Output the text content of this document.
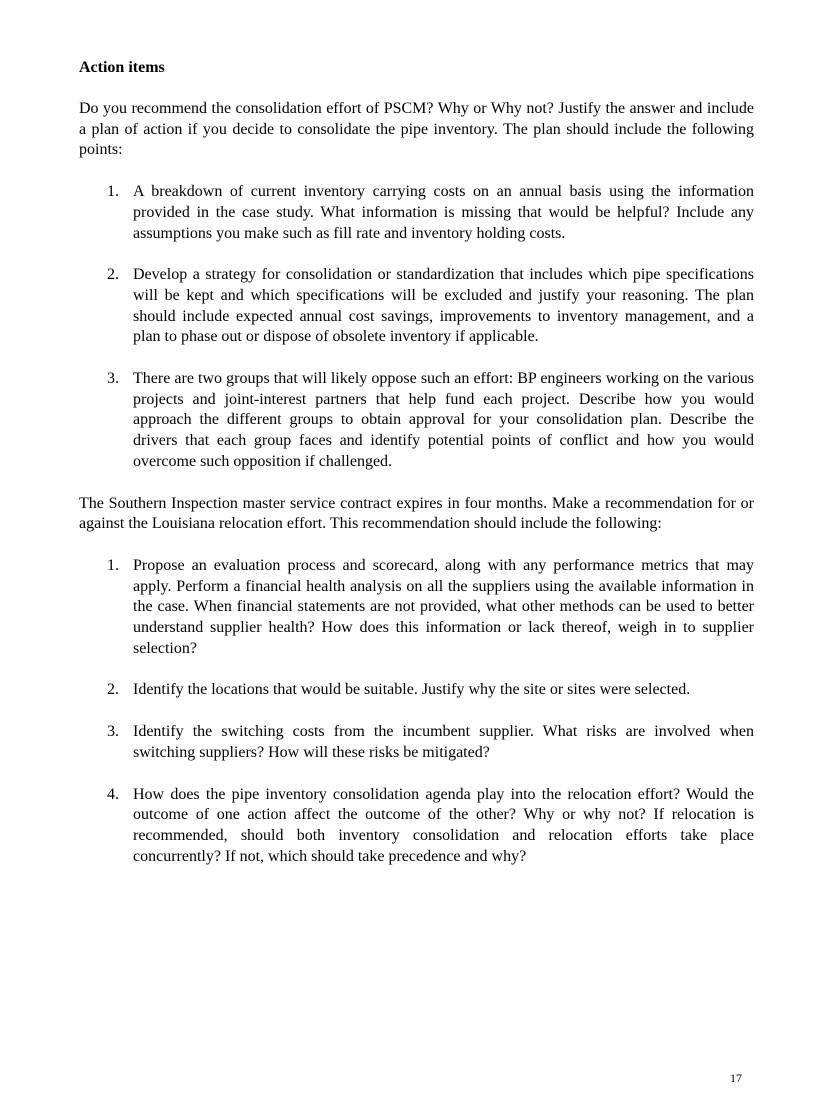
Action items

Do you recommend the consolidation effort of PSCM? Why or Why not? Justify the answer and include a plan of action if you decide to consolidate the pipe inventory. The plan should include the following points:

1. A breakdown of current inventory carrying costs on an annual basis using the information provided in the case study. What information is missing that would be helpful? Include any assumptions you make such as fill rate and inventory holding costs.
2. Develop a strategy for consolidation or standardization that includes which pipe specifications will be kept and which specifications will be excluded and justify your reasoning. The plan should include expected annual cost savings, improvements to inventory management, and a plan to phase out or dispose of obsolete inventory if applicable.
3. There are two groups that will likely oppose such an effort: BP engineers working on the various projects and joint-interest partners that help fund each project. Describe how you would approach the different groups to obtain approval for your consolidation plan. Describe the drivers that each group faces and identify potential points of conflict and how you would overcome such opposition if challenged.

The Southern Inspection master service contract expires in four months. Make a recommendation for or against the Louisiana relocation effort. This recommendation should include the following:

1. Propose an evaluation process and scorecard, along with any performance metrics that may apply. Perform a financial health analysis on all the suppliers using the available information in the case. When financial statements are not provided, what other methods can be used to better understand supplier health? How does this information or lack thereof, weigh in to supplier selection?
2. Identify the locations that would be suitable. Justify why the site or sites were selected.
3. Identify the switching costs from the incumbent supplier. What risks are involved when switching suppliers? How will these risks be mitigated?
4. How does the pipe inventory consolidation agenda play into the relocation effort? Would the outcome of one action affect the outcome of the other? Why or why not? If relocation is recommended, should both inventory consolidation and relocation efforts take place concurrently? If not, which should take precedence and why?
17
